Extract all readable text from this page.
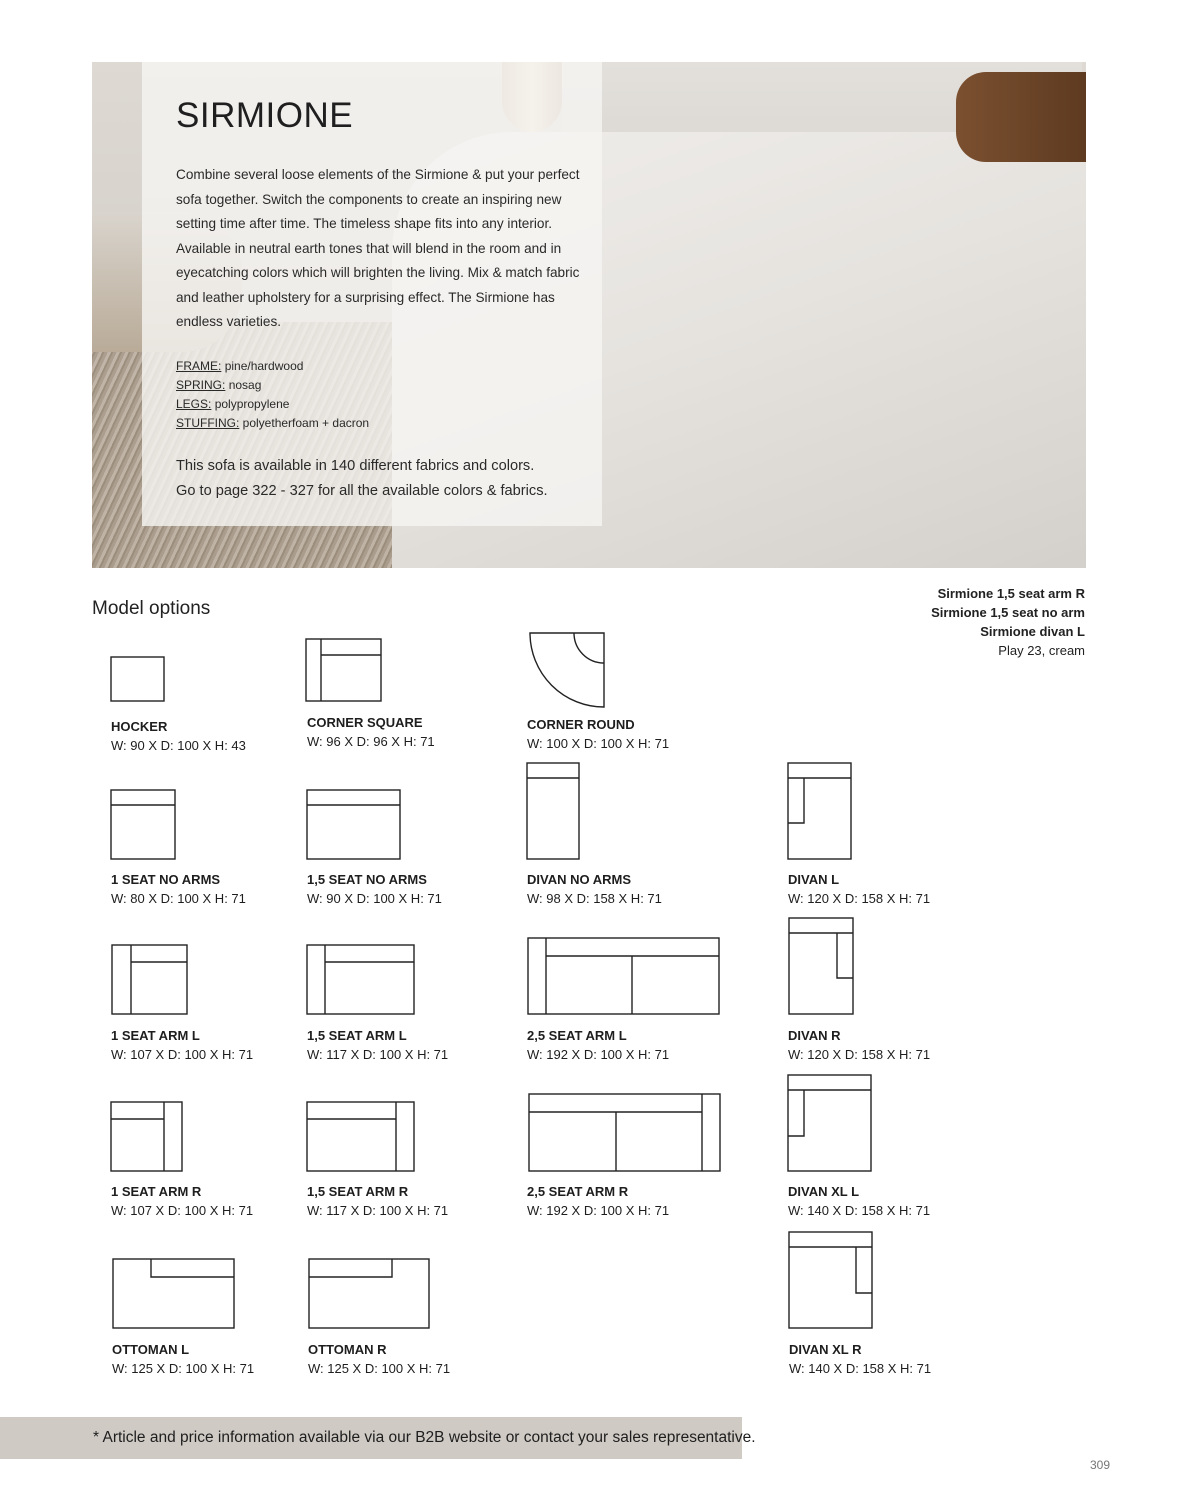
SIRMIONE
Combine several loose elements of the Sirmione & put your perfect sofa together. Switch the components to create an inspiring new setting time after time. The timeless shape fits into any interior. Available in neutral earth tones that will blend in the room and in eyecatching colors which will brighten the living. Mix & match fabric and leather upholstery for a surprising effect. The Sirmione has endless varieties.
FRAME: pine/hardwood
SPRING: nosag
LEGS: polypropylene
STUFFING: polyetherfoam + dacron
This sofa is available in 140 different fabrics and colors.
Go to page 322 - 327 for all the available colors & fabrics.
Sirmione 1,5 seat arm R
Sirmione 1,5 seat no arm
Sirmione divan L
Play 23, cream
Model options
HOCKER
W: 90 X D: 100 X H: 43
CORNER SQUARE
W: 96 X D: 96 X H: 71
CORNER ROUND
W: 100 X D: 100 X H: 71
1 SEAT NO ARMS
W: 80 X D: 100 X H: 71
1,5 SEAT NO ARMS
W: 90 X D: 100 X H: 71
DIVAN NO ARMS
W: 98 X D: 158 X H: 71
DIVAN L
W: 120 X D: 158 X H: 71
1 SEAT ARM L
W: 107 X D: 100 X H: 71
1,5 SEAT ARM L
W: 117 X D: 100 X H: 71
2,5 SEAT ARM L
W: 192 X D: 100 X H: 71
DIVAN R
W: 120 X D: 158 X H: 71
1 SEAT ARM R
W: 107 X D: 100 X H: 71
1,5 SEAT ARM R
W: 117 X D: 100 X H: 71
2,5 SEAT ARM R
W: 192 X D: 100 X H: 71
DIVAN XL L
W: 140 X D: 158 X H: 71
OTTOMAN L
W: 125 X D: 100 X H: 71
OTTOMAN R
W: 125 X D: 100 X H: 71
DIVAN XL R
W: 140 X D: 158 X H: 71
* Article and price information available via our B2B website or contact your sales representative.
309
